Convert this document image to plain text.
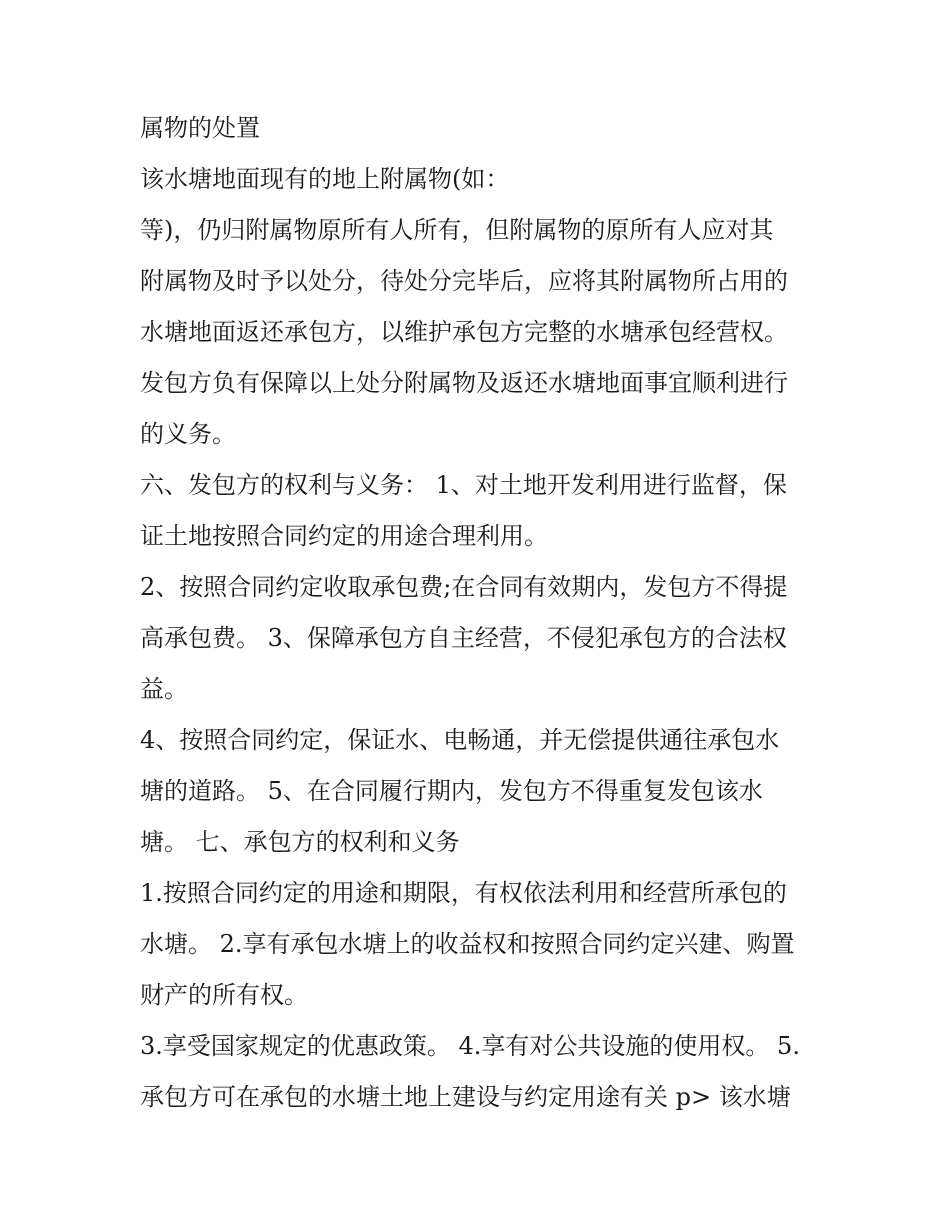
属物的处置
该水塘地面现有的地上附属物(如：
等)，仍归附属物原所有人所有，但附属物的原所有人应对其
附属物及时予以处分，待处分完毕后，应将其附属物所占用的
水塘地面返还承包方，以维护承包方完整的水塘承包经营权。
发包方负有保障以上处分附属物及返还水塘地面事宜顺利进行
的义务。
六、发包方的权利与义务： 1、对土地开发利用进行监督，保
证土地按照合同约定的用途合理利用。
2、按照合同约定收取承包费;在合同有效期内，发包方不得提
高承包费。 3、保障承包方自主经营，不侵犯承包方的合法权
益。
4、按照合同约定，保证水、电畅通，并无偿提供通往承包水
塘的道路。 5、在合同履行期内，发包方不得重复发包该水
塘。 七、承包方的权利和义务
1.按照合同约定的用途和期限，有权依法利用和经营所承包的
水塘。 2.享有承包水塘上的收益权和按照合同约定兴建、购置
财产的所有权。
3.享受国家规定的优惠政策。 4.享有对公共设施的使用权。 5.
承包方可在承包的水塘土地上建设与约定用途有关 p> 该水塘
